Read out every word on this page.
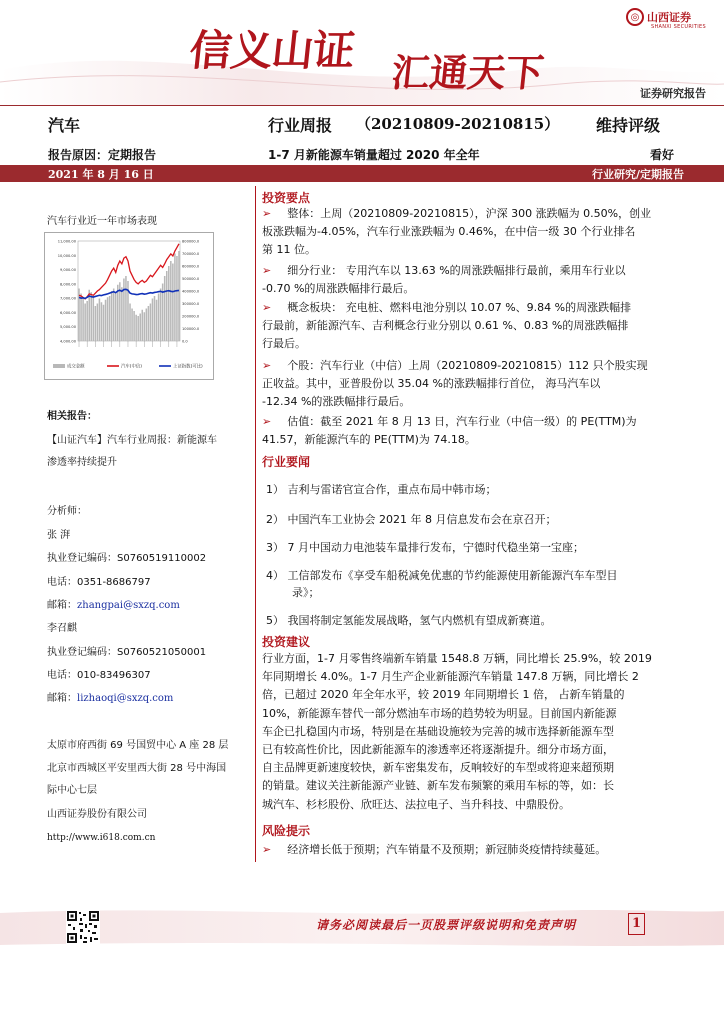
信义山证 汇通天下
◎ 山西证券
SHANXI SECURITIES
证券研究报告
汽车	行业周报 （20210809-20210815） 维持评级
报告原因：定期报告	1-7 月新能源车销量超过 2020 年全年	看好
2021 年 8 月 16 日	行业研究/定期报告
汽车行业近一年市场表现
11,000.00
10,000.00
9,000.00
8,000.00
7,000.00
6,000.00
5,000.00
4,000.00
800000.0
700000.0
600000.0
500000.0
400000.0
300000.0
200000.0
100000.0
0.0
成交金额	汽车(中信)	上证指数(可比)
相关报告：
【山证汽车】汽车行业周报：新能源车
渗透率持续提升
分析师：
张 湃
执业登记编码：S0760519110002
电话：0351-8686797
邮箱：zhangpai@sxzq.com
李召麒
执业登记编码：S0760521050001
电话：010-83496307
邮箱：lizhaoqi@sxzq.com
太原市府西街 69 号国贸中心 A 座 28 层
北京市西城区平安里西大街 28 号中海国
际中心七层
山西证券股份有限公司
http://www.i618.com.cn
投资要点
➢ 整体：上周（20210809-20210815），沪深 300 涨跌幅为 0.50%，创业
板涨跌幅为-4.05%，汽车行业涨跌幅为 0.46%，在中信一级 30 个行业排名
第 11 位。
➢ 细分行业： 专用汽车以 13.63 %的周涨跌幅排行最前，乘用车行业以
-0.70 %的周涨跌幅排行最后。
➢ 概念板块： 充电桩、燃料电池分别以 10.07 %、9.84 %的周涨跌幅排
行最前，新能源汽车、吉利概念行业分别以 0.61 %、0.83 %的周涨跌幅排
行最后。
➢ 个股：汽车行业（中信）上周（20210809-20210815）112 只个股实现
正收益。其中，亚普股份以 35.04 %的涨跌幅排行首位， 海马汽车以
-12.34 %的涨跌幅排行最后。
➢ 估值：截至 2021 年 8 月 13 日，汽车行业（中信一级）的 PE(TTM)为
41.57，新能源汽车的 PE(TTM)为 74.18。
行业要闻
1） 吉利与雷诺官宣合作，重点布局中韩市场；
2） 中国汽车工业协会 2021 年 8 月信息发布会在京召开；
3） 7 月中国动力电池装车量排行发布，宁德时代稳坐第一宝座；
4） 工信部发布《享受车船税减免优惠的节约能源使用新能源汽车车型目
录》；
5） 我国将制定氢能发展战略，氢气内燃机有望成新赛道。
投资建议
行业方面，1-7 月零售终端新车销量 1548.8 万辆，同比增长 25.9%，较 2019
年同期增长 4.0%。1-7 月生产企业新能源汽车销量 147.8 万辆，同比增长 2
倍，已超过 2020 年全年水平，较 2019 年同期增长 1 倍， 占新车销量的
10%，新能源车替代一部分燃油车市场的趋势较为明显。目前国内新能源
车企已扎稳国内市场，特别是在基础设施较为完善的城市选择新能源车型
已有较高性价比，因此新能源车的渗透率还将逐渐提升。细分市场方面，
自主品牌更新速度较快，新车密集发布，反响较好的车型或将迎来超预期
的销量。建议关注新能源产业链、新车发布频繁的乘用车标的等，如：长
城汽车、杉杉股份、欣旺达、法拉电子、当升科技、中鼎股份。
风险提示
➢ 经济增长低于预期；汽车销量不及预期；新冠肺炎疫情持续蔓延。
请务必阅读最后一页股票评级说明和免责声明	1
